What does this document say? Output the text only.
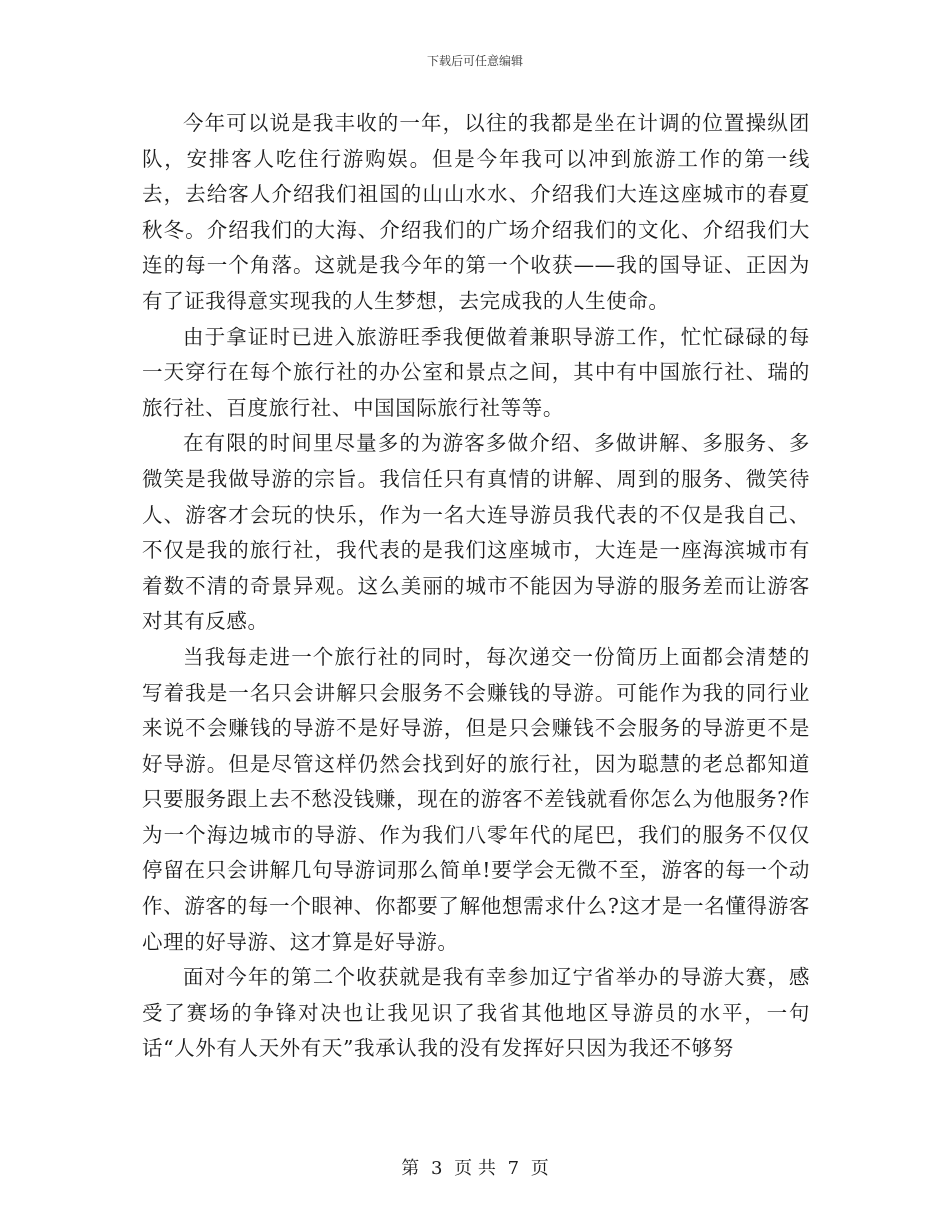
下载后可任意编辑

今年可以说是我丰收的一年，以往的我都是坐在计调的位置操纵团队，安排客人吃住行游购娱。但是今年我可以冲到旅游工作的第一线去，去给客人介绍我们祖国的山山水水、介绍我们大连这座城市的春夏秋冬。介绍我们的大海、介绍我们的广场介绍我们的文化、介绍我们大连的每一个角落。这就是我今年的第一个收获——我的国导证、正因为有了证我得意实现我的人生梦想，去完成我的人生使命。

由于拿证时已进入旅游旺季我便做着兼职导游工作，忙忙碌碌的每一天穿行在每个旅行社的办公室和景点之间，其中有中国旅行社、瑞的旅行社、百度旅行社、中国国际旅行社等等。

在有限的时间里尽量多的为游客多做介绍、多做讲解、多服务、多微笑是我做导游的宗旨。我信任只有真情的讲解、周到的服务、微笑待人、游客才会玩的快乐，作为一名大连导游员我代表的不仅是我自己、不仅是我的旅行社，我代表的是我们这座城市，大连是一座海滨城市有着数不清的奇景异观。这么美丽的城市不能因为导游的服务差而让游客对其有反感。

当我每走进一个旅行社的同时，每次递交一份简历上面都会清楚的写着我是一名只会讲解只会服务不会赚钱的导游。可能作为我的同行业来说不会赚钱的导游不是好导游，但是只会赚钱不会服务的导游更不是好导游。但是尽管这样仍然会找到好的旅行社，因为聪慧的老总都知道只要服务跟上去不愁没钱赚，现在的游客不差钱就看你怎么为他服务?作为一个海边城市的导游、作为我们八零年代的尾巴，我们的服务不仅仅停留在只会讲解几句导游词那么简单!要学会无微不至，游客的每一个动作、游客的每一个眼神、你都要了解他想需求什么?这才是一名懂得游客心理的好导游、这才算是好导游。

面对今年的第二个收获就是我有幸参加辽宁省举办的导游大赛，感受了赛场的争锋对决也让我见识了我省其他地区导游员的水平，一句话“人外有人天外有天”我承认我的没有发挥好只因为我还不够努

第 3 页 共 7 页
